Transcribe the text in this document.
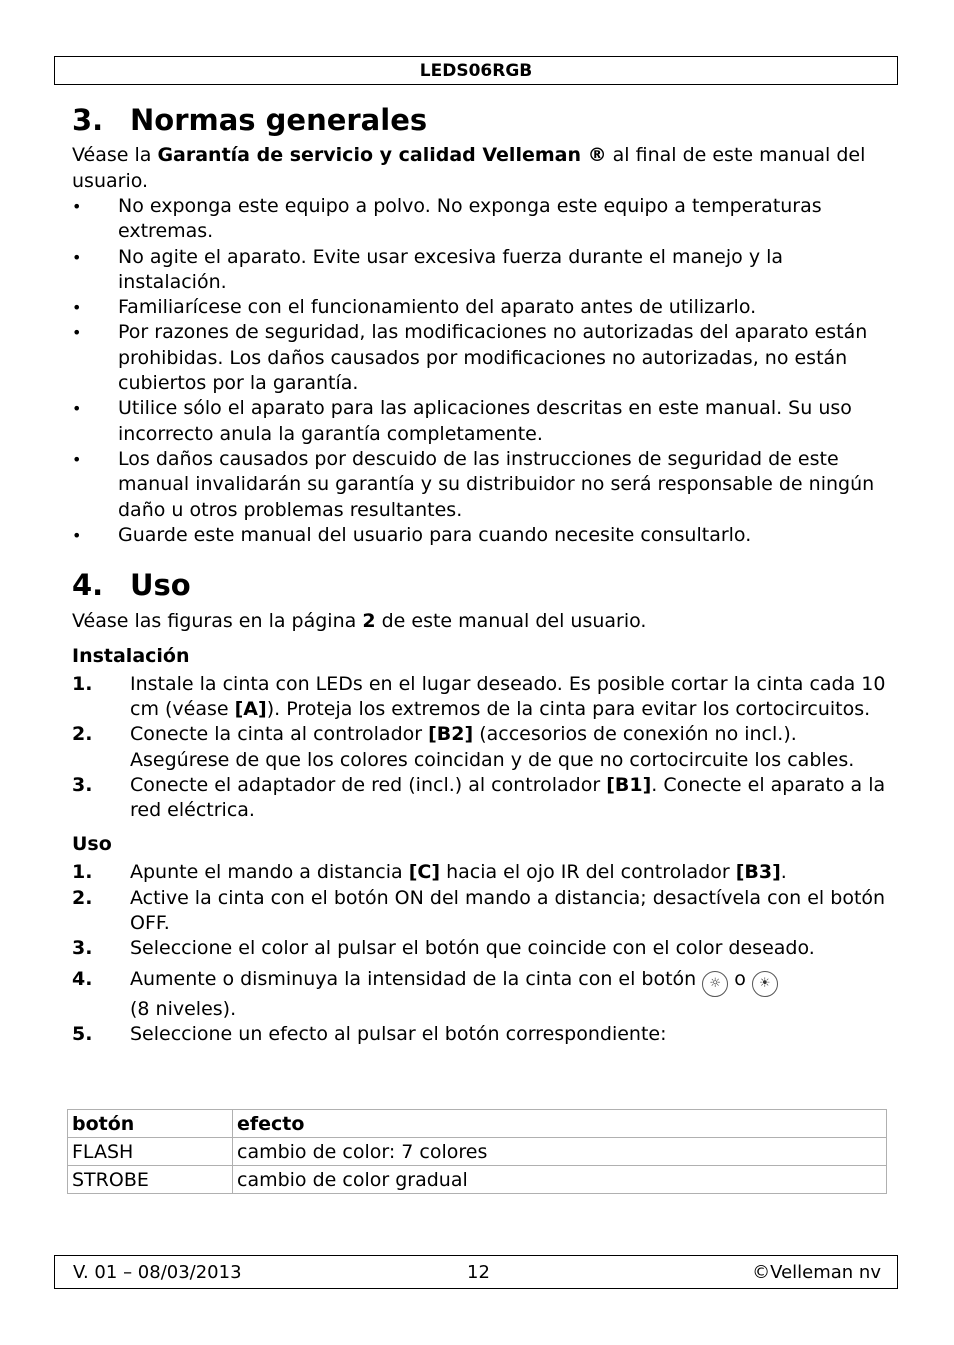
LEDS06RGB
3. Normas generales

Véase la Garantía de servicio y calidad Velleman ® al final de este manual del usuario.

• No exponga este equipo a polvo. No exponga este equipo a temperaturas extremas.
• No agite el aparato. Evite usar excesiva fuerza durante el manejo y la instalación.
• Familiarícese con el funcionamiento del aparato antes de utilizarlo.
• Por razones de seguridad, las modificaciones no autorizadas del aparato están prohibidas. Los daños causados por modificaciones no autorizadas, no están cubiertos por la garantía.
• Utilice sólo el aparato para las aplicaciones descritas en este manual. Su uso incorrecto anula la garantía completamente.
• Los daños causados por descuido de las instrucciones de seguridad de este manual invalidarán su garantía y su distribuidor no será responsable de ningún daño u otros problemas resultantes.
• Guarde este manual del usuario para cuando necesite consultarlo.
4. Uso

Véase las figuras en la página 2 de este manual del usuario.

Instalación

1. Instale la cinta con LEDs en el lugar deseado. Es posible cortar la cinta cada 10 cm (véase [A]). Proteja los extremos de la cinta para evitar los cortocircuitos.
2. Conecte la cinta al controlador [B2] (accesorios de conexión no incl.). Asegúrese de que los colores coincidan y de que no cortocircuite los cables.
3. Conecte el adaptador de red (incl.) al controlador [B1]. Conecte el aparato a la red eléctrica.

Uso

1. Apunte el mando a distancia [C] hacia el ojo IR del controlador [B3].
2. Active la cinta con el botón ON del mando a distancia; desactívela con el botón OFF.
3. Seleccione el color al pulsar el botón que coincide con el color deseado.
4. Aumente o disminuya la intensidad de la cinta con el botón ☼ o ☀
(8 niveles).
5. Seleccione un efecto al pulsar el botón correspondiente:
botón	efecto
FLASH	cambio de color: 7 colores
STROBE	cambio de color gradual
V. 01 – 08/03/2013	12	©Velleman nv
